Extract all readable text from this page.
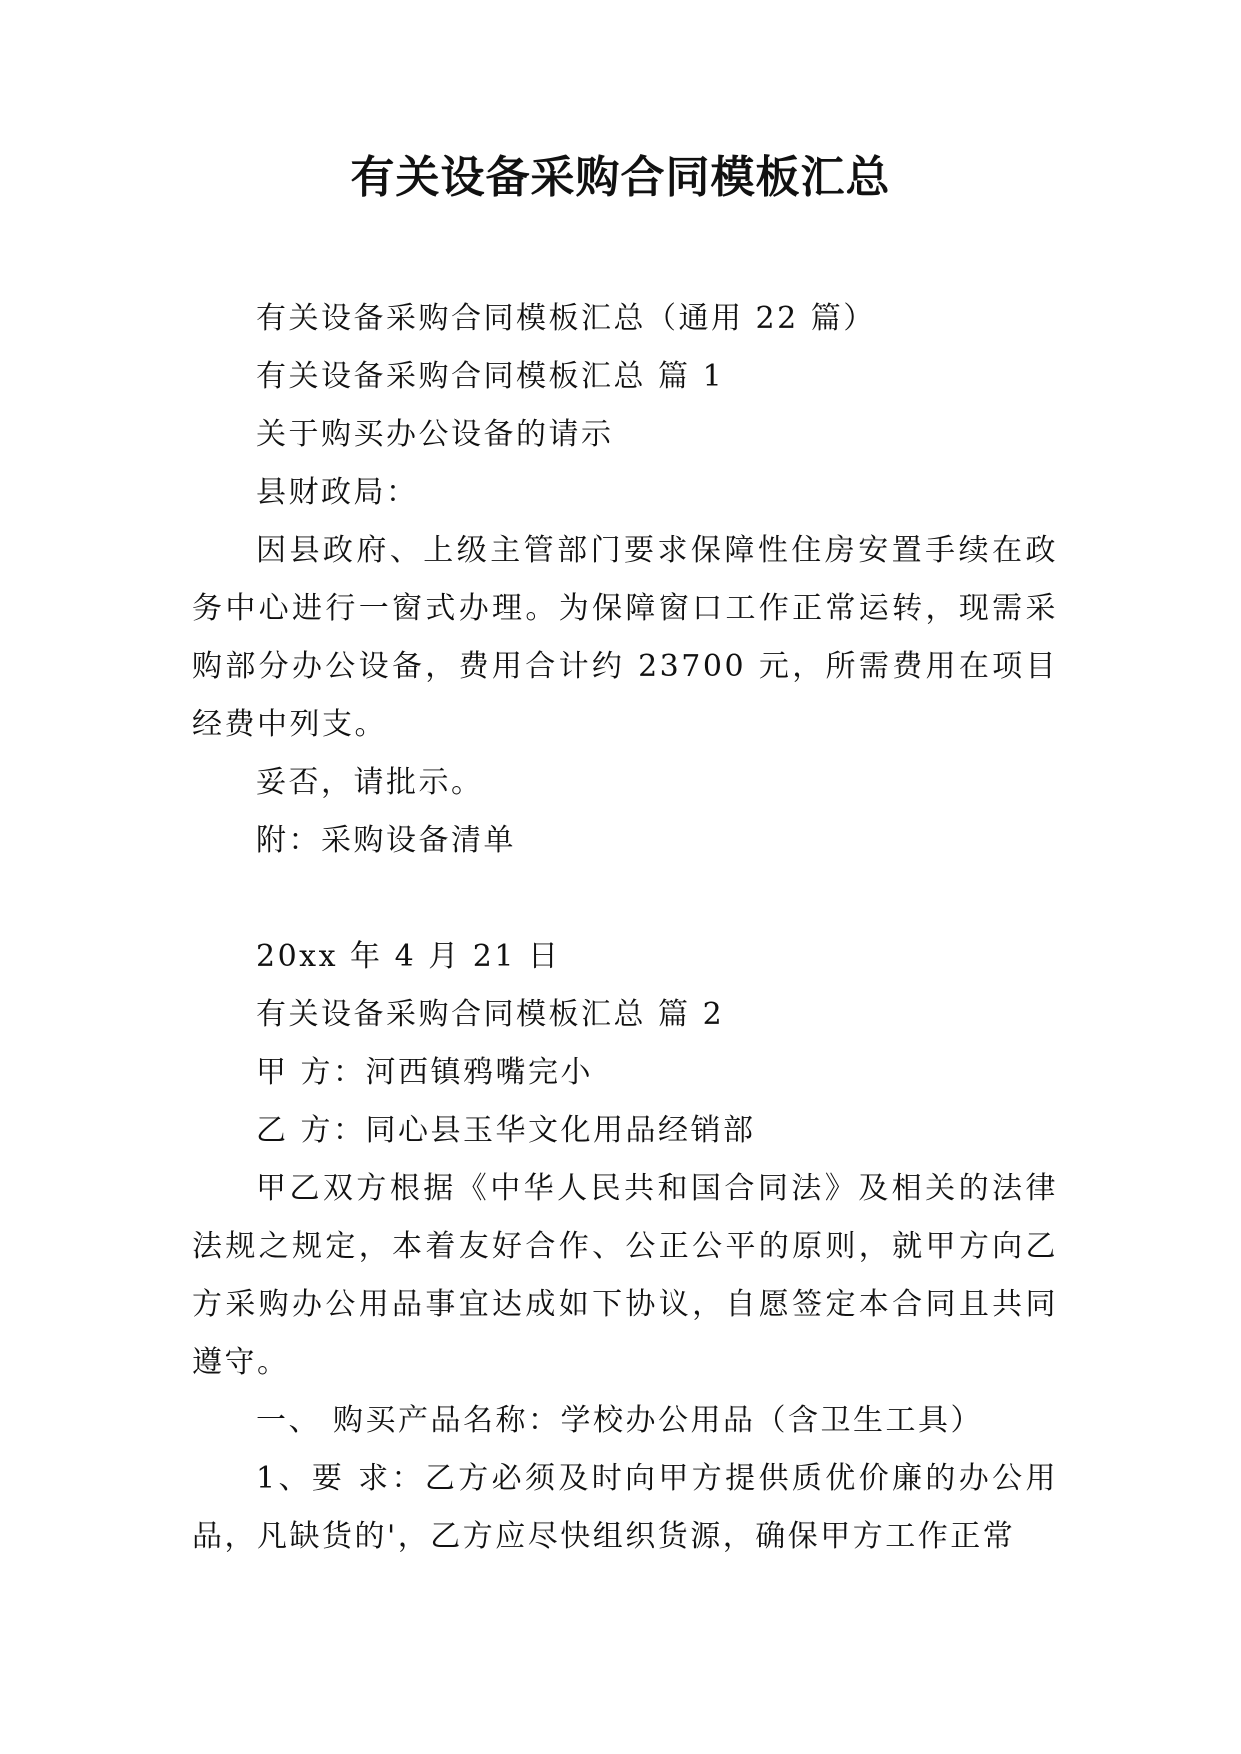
有关设备采购合同模板汇总

有关设备采购合同模板汇总（通用 22 篇）

有关设备采购合同模板汇总 篇 1

关于购买办公设备的请示

县财政局：

因县政府、上级主管部门要求保障性住房安置手续在政务中心进行一窗式办理。为保障窗口工作正常运转，现需采购部分办公设备，费用合计约 23700 元，所需费用在项目经费中列支。

妥否，请批示。

附：采购设备清单

20xx 年 4 月 21 日

有关设备采购合同模板汇总 篇 2

甲 方：河西镇鸦嘴完小

乙 方：同心县玉华文化用品经销部

甲乙双方根据《中华人民共和国合同法》及相关的法律法规之规定，本着友好合作、公正公平的原则，就甲方向乙方采购办公用品事宜达成如下协议，自愿签定本合同且共同遵守。

一、 购买产品名称：学校办公用品（含卫生工具）

1、要 求：乙方必须及时向甲方提供质优价廉的办公用品，凡缺货的'，乙方应尽快组织货源，确保甲方工作正常
